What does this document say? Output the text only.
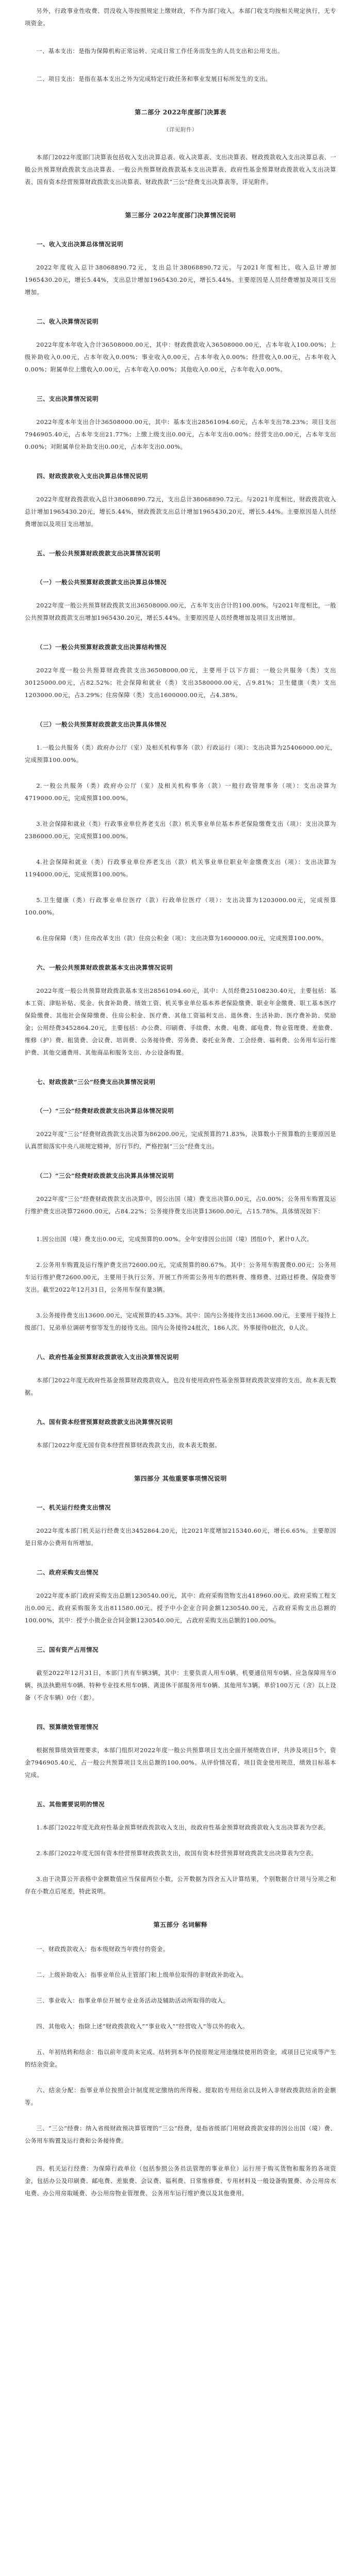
另外，行政事业性收费、罚没收入等按照规定上缴财政，不作为部门收入。本部门收支均按相关规定执行，无专项资金。

一、基本支出：是指为保障机构正常运转、完成日常工作任务而发生的人员支出和公用支出。

二、项目支出：是指在基本支出之外为完成特定行政任务和事业发展目标所发生的支出。

第二部分 2022年度部门决算表

（详见附件）

本部门2022年度部门决算表包括收入支出决算总表、收入决算表、支出决算表、财政拨款收入支出决算总表、一般公共预算财政拨款支出决算表、一般公共预算财政拨款基本支出决算表、政府性基金预算财政拨款收入支出决算表、国有资本经营预算财政拨款支出决算表、财政拨款“三公”经费支出决算表等，详见附件。

第三部分 2022年度部门决算情况说明

一、收入支出决算总体情况说明

2022年度收入总计38068890.72元，支出总计38068890.72元。与2021年度相比，收入总计增加1965430.20元，增长5.44%，支出总计增加1965430.20元，增长5.44%。主要原因是人员经费增加及项目支出增加。

二、收入决算情况说明

2022年度本年收入合计36508000.00元，其中：财政拨款收入36508000.00元，占本年收入100.00%；上级补助收入0.00元，占本年收入0.00%；事业收入0.00元，占本年收入0.00%；经营收入0.00元，占本年收入0.00%；附属单位上缴收入0.00元，占本年收入0.00%；其他收入0.00元，占本年收入0.00%。

三、支出决算情况说明

2022年度本年支出合计36508000.00元，其中：基本支出28561094.60元，占本年支出78.23%；项目支出7946905.40元，占本年支出21.77%；上缴上级支出0.00元，占本年支出0.00%；经营支出0.00元，占本年支出0.00%；对附属单位补助支出0.00元，占本年支出0.00%。

四、财政拨款收入支出决算总体情况说明

2022年度财政拨款收入总计38068890.72元，支出总计38068890.72元。与2021年度相比，财政拨款收入总计增加1965430.20元，增长5.44%，财政拨款支出总计增加1965430.20元，增长5.44%。主要原因是人员经费增加以及项目支出增加。

五、一般公共预算财政拨款支出决算情况说明

（一）一般公共预算财政拨款支出决算总体情况

2022年度一般公共预算财政拨款支出36508000.00元，占本年支出合计的100.00%。与2021年度相比，一般公共预算财政拨款支出增加1965430.20元，增长5.44%。主要原因是人员经费增加及项目支出增加。

（二）一般公共预算财政拨款支出决算结构情况

2022年度一般公共预算财政拨款支出36508000.00元，主要用于以下方面：一般公共服务（类）支出30125000.00元，占82.52%；社会保障和就业（类）支出3580000.00元，占9.81%；卫生健康（类）支出1203000.00元，占3.29%；住房保障（类）支出1600000.00元，占4.38%。

（三）一般公共预算财政拨款支出决算具体情况

1.一般公共服务（类）政府办公厅（室）及相关机构事务（款）行政运行（项）：支出决算为25406000.00元，完成预算100.00%。

2.一般公共服务（类）政府办公厅（室）及相关机构事务（款）一般行政管理事务（项）：支出决算为4719000.00元，完成预算100.00%。

3.社会保障和就业（类）行政事业单位养老支出（款）机关事业单位基本养老保险缴费支出（项）：支出决算为2386000.00元，完成预算100.00%。

4.社会保障和就业（类）行政事业单位养老支出（款）机关事业单位职业年金缴费支出（项）：支出决算为1194000.00元，完成预算100.00%。

5.卫生健康（类）行政事业单位医疗（款）行政单位医疗（项）：支出决算为1203000.00元，完成预算100.00%。

6.住房保障（类）住房改革支出（款）住房公积金（项）：支出决算为1600000.00元，完成预算100.00%。

六、一般公共预算财政拨款基本支出决算情况说明

2022年度一般公共预算财政拨款基本支出28561094.60元，其中：人员经费25108230.40元，主要包括：基本工资、津贴补贴、奖金、伙食补助费、绩效工资、机关事业单位基本养老保险缴费、职业年金缴费、职工基本医疗保险缴费、其他社会保障缴费、住房公积金、医疗费、其他工资福利支出、退休费、生活补助、医疗费补助、奖励金；公用经费3452864.20元，主要包括：办公费、印刷费、手续费、水费、电费、邮电费、物业管理费、差旅费、维修（护）费、租赁费、会议费、培训费、公务接待费、劳务费、委托业务费、工会经费、福利费、公务用车运行维护费、其他交通费用、其他商品和服务支出、办公设备购置。

七、财政拨款“三公”经费支出决算情况说明

（一）“三公”经费财政拨款支出决算总体情况说明

2022年度“三公”经费财政拨款支出决算为86200.00元，完成预算的71.83%，决算数小于预算数的主要原因是认真贯彻落实中央八项规定精神，厉行节约，严格控制“三公”经费支出。

（二）“三公”经费财政拨款支出决算具体情况说明

2022年度“三公”经费财政拨款支出决算中，因公出国（境）费支出决算0.00元，占0.00%；公务用车购置及运行维护费支出决算72600.00元，占84.22%；公务接待费支出决算13600.00元，占15.78%。具体情况如下：

1.因公出国（境）费支出0.00元，完成预算的0.00%。全年安排因公出国（境）团组0个，累计0人次。

2.公务用车购置及运行维护费支出72600.00元，完成预算的80.67%。其中：公务用车购置费0.00元；公务用车运行维护费72600.00元，主要用于执行公务、开展工作所需公务用车的燃料费、维修费、过路过桥费、保险费等支出。截至2022年12月31日，公务用车保有量3辆。

3.公务接待费支出13600.00元，完成预算的45.33%。其中：国内公务接待支出13600.00元，主要用于接待上级部门、兄弟单位调研考察等发生的接待支出。国内公务接待24批次，186人次。外事接待0批次，0人次。

八、政府性基金预算财政拨款收入支出决算情况说明

本部门2022年度无政府性基金预算财政拨款收入，也没有使用政府性基金预算财政拨款安排的支出，故本表无数据。

九、国有资本经营预算财政拨款支出决算情况说明

本部门2022年度无国有资本经营预算财政拨款支出，故本表无数据。

第四部分 其他重要事项情况说明

一、机关运行经费支出情况

2022年度本部门机关运行经费支出3452864.20元，比2021年度增加215340.60元，增长6.65%。主要原因是日常办公费用有所增加。

二、政府采购支出情况

2022年度本部门政府采购支出总额1230540.00元，其中：政府采购货物支出418960.00元、政府采购工程支出0.00元、政府采购服务支出811580.00元。授予中小企业合同金额1230540.00元，占政府采购支出总额的100.00%，其中：授予小微企业合同金额1230540.00元，占政府采购支出总额的100.00%。

三、国有资产占用情况

截至2022年12月31日，本部门共有车辆3辆，其中：主要负责人用车0辆、机要通信用车0辆、应急保障用车0辆、执法执勤用车0辆、特种专业技术用车0辆、离退休干部服务用车0辆、其他用车3辆。单价100万元（含）以上设备（不含车辆）0台（套）。

四、预算绩效管理情况

根据预算绩效管理要求，本部门组织对2022年度一般公共预算项目支出全面开展绩效自评，共涉及项目5个，资金7946905.40元，占一般公共预算项目支出总额的100.00%。从评价情况看，项目资金使用规范，绩效目标基本完成。

五、其他需要说明的情况

1.本部门2022年度无政府性基金预算财政拨款收入支出，故政府性基金预算财政拨款收入支出决算表为空表。

2.本部门2022年度无国有资本经营预算财政拨款支出，故国有资本经营预算财政拨款支出决算表为空表。

3.由于决算公开表格中金额数值应当保留两位小数，公开数据为四舍五入计算结果，个别数据合计项与分项之和存在小数点后尾差，特此说明。

第五部分 名词解释

一、财政拨款收入：指本级财政当年拨付的资金。

二、上级补助收入：指事业单位从主管部门和上级单位取得的非财政补助收入。

三、事业收入：指事业单位开展专业业务活动及辅助活动所取得的收入。

四、其他收入：指除上述“财政拨款收入”“事业收入”“经营收入”等以外的收入。

五、年初结转和结余：指以前年度尚未完成、结转到本年仍按原规定用途继续使用的资金，或项目已完成等产生的结余资金。

六、结余分配：指事业单位按照会计制度规定缴纳的所得税、提取的专用结余以及转入非财政拨款结余的金额等。

三、“三公”经费：纳入省级财政预决算管理的“三公”经费，是指省级部门用财政拨款安排的因公出国（境）费、公务用车购置及运行费和公务接待费。

四、机关运行经费：为保障行政单位（包括参照公务员法管理的事业单位）运行用于购买货物和服务的各项资金，包括办公及印刷费、邮电费、差旅费、会议费、福利费、日常维修费、专用材料及一般设备购置费、办公用房水电费、办公用房取暖费、办公用房物业管理费、公务用车运行维护费以及其他费用。
